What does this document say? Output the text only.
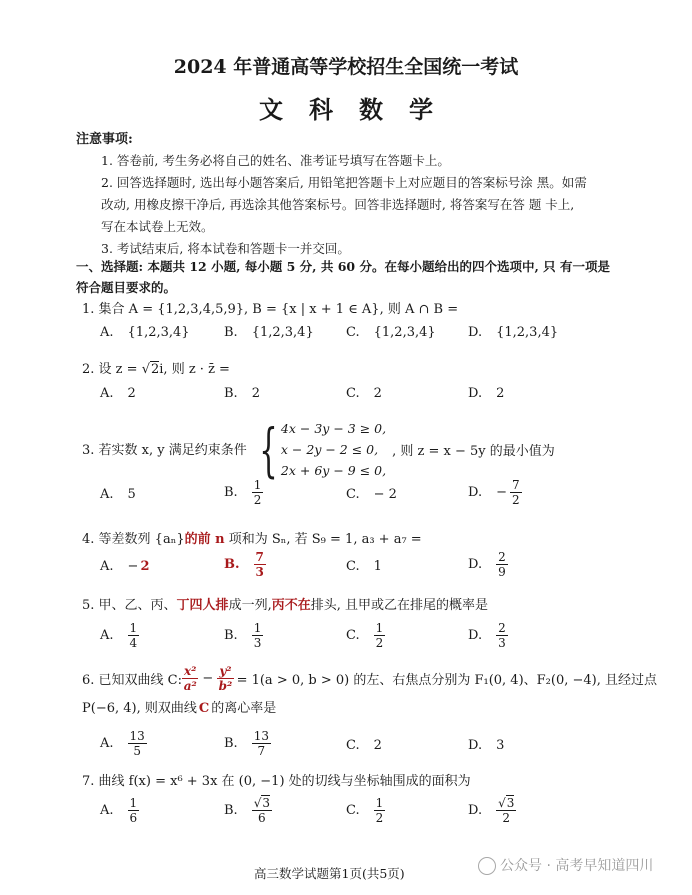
2024 年普通高等学校招生全国统一考试
文科数学
注意事项:
1. 答卷前, 考生务必将自己的姓名、准考证号填写在答题卡上。
2. 回答选择题时, 选出每小题答案后, 用铅笔把答题卡上对应题目的答案标号涂 黑。如需
改动, 用橡皮擦干净后, 再选涂其他答案标号。回答非选择题时, 将答案写在答 题 卡上,
写在本试卷上无效。
3. 考试结束后, 将本试卷和答题卡一并交回。
一、选择题: 本题共 12 小题, 每小题 5 分, 共 60 分。在每小题给出的四个选项中, 只 有一项是
符合题目要求的。
1. 集合 A = {1,2,3,4,5,9}, B = {x | x + 1 ∈ A}, 则 A ∩ B =
A. {1,2,3,4}	B. {1,2,3,4} C. {1,2,3,4} D. {1,2,3,4}
2. 设 z = √2i, 则 z · z̄ =
A. 2	B. 2	C. 2	D. 2
3. 若实数 x, y 满足约束条件 { 4x − 3y − 3 ≥ 0,
x − 2y − 2 ≤ 0,
2x + 6y − 9 ≤ 0,
, 则 z = x − 5y 的最小值为
A. 5	B. $\frac{1}{2}$	C. − 2	D. − $\frac{7}{2}$
4. 等差数列 {aₙ}的前 n 项和为 Sₙ, 若 S₉ = 1, a₃ + a₇ =
A. − 2	B. $\frac{7}{3}$	C. 1	D. $\frac{2}{9}$
5. 甲、乙、丙、丁四人排成一列,丙不在排头, 且甲或乙在排尾的概率是
A. $\frac{1}{4}$	B. $\frac{1}{3}$	C. $\frac{1}{2}$	D. $\frac{2}{3}$
6. 已知双曲线 C: $\frac{\text{x²}}{\text{a²}} - \frac{\text{y²}}{\text{b²}} = 1(a > 0$, b > 0) 的左、右焦点分别为 F₁(0, 4)、F₂(0, −4), 且经过点
P(−6, 4), 则双曲线 C 的离心率是
A. $\frac{13}{5}$	B. $\frac{13}{7}$	C. 2	D. 3
7. 曲线 f(x) = x⁶ + 3x 在 (0, −1) 处的切线与坐标轴围成的面积为
A. $\frac{1}{6}$	B. $\frac{√3}{6}$	C. $\frac{1}{2}$	D. $\frac{√3}{2}$
高三数学试题第1页(共5页)	公众号 · 高考早知道四川
